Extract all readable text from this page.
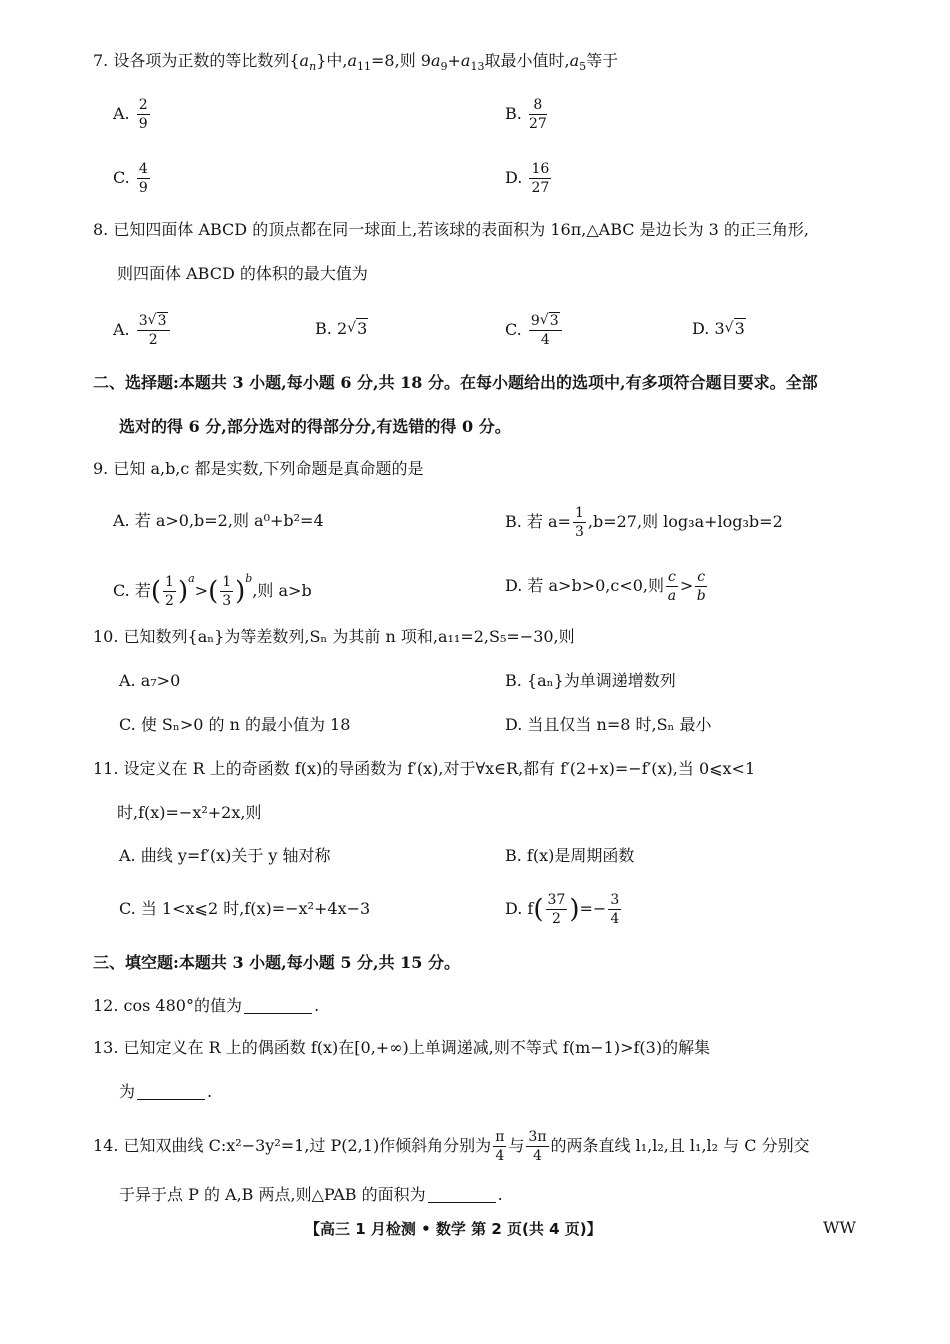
7. 设各项为正数的等比数列$\{a_n\}$中$,a_{11}=8$,则 $9a_9+a_{13}$取最小值时$,a_5$等于
A. $\frac{2}{9}$	B. $\frac{8}{27}$
C. $\frac{4}{9}$	D. $\frac{16}{27}$
8. 已知四面体 ABCD 的顶点都在同一球面上,若该球的表面积为 16π,△ABC 是边长为 3 的正三角形,
则四面体 ABCD 的体积的最大值为
A. $\frac{3 √ 3}{2}$	B. 2 √ 3	C. $\frac{9 √ 3}{4}$	D. 3 √ 3
二、选择题:本题共 3 小题,每小题 6 分,共 18 分。在每小题给出的选项中,有多项符合题目要求。全部
选对的得 6 分,部分选对的得部分分,有选错的得 0 分。
9. 已知 a,b,c 都是实数,下列命题是真命题的是
A. 若 a>0,b=2,则 a⁰+b²=4	B. 若 $a= \frac{1}{3} ,b=27$,则 log₃a+log₃b=2
C. 若( $\frac{1}{2} )^a>( \frac{1}{3} )^b$,则 a>b	D. 若 a>b>0,c<0,则 $\frac{c}{a} > \frac{c}{b}$
10. 已知数列{aₙ}为等差数列,Sₙ 为其前 n 项和,a₁₁=2,S₅=−30,则
A. a₇>0	B. {aₙ}为单调递增数列
C. 使 Sₙ>0 的 n 的最小值为 18	D. 当且仅当 n=8 时,Sₙ 最小
11. 设定义在 R 上的奇函数 f(x)的导函数为 f′(x),对于∀x∈R,都有 f′(2+x)=−f′(x),当 0⩽x<1
时,f(x)=−x²+2x,则
A. 曲线 y=f′(x)关于 y 轴对称	B. f(x)是周期函数
C. 当 1<x⩽2 时,f(x)=−x²+4x−3	D. $f( \frac{37}{2}$ )=− $\frac{3}{4}$
三、填空题:本题共 3 小题,每小题 5 分,共 15 分。
12. cos 480°的值为	.
13. 已知定义在 R 上的偶函数 f(x)在[0,+∞)上单调递减,则不等式 f(m−1)>f(3)的解集
为	.
14. 已知双曲线 C:x²−3y²=1,过 P(2,1)作倾斜角分别为 $\frac{\pi}{4}$ 与 $\frac{3\pi}{4}$ 的两条直线 l₁,l₂,且 l₁,l₂ 与 C 分别交
于异于点 P 的 A,B 两点,则△PAB 的面积为	.
【高三 1 月检测 • 数学 第 2 页(共 4 页)】	WW
